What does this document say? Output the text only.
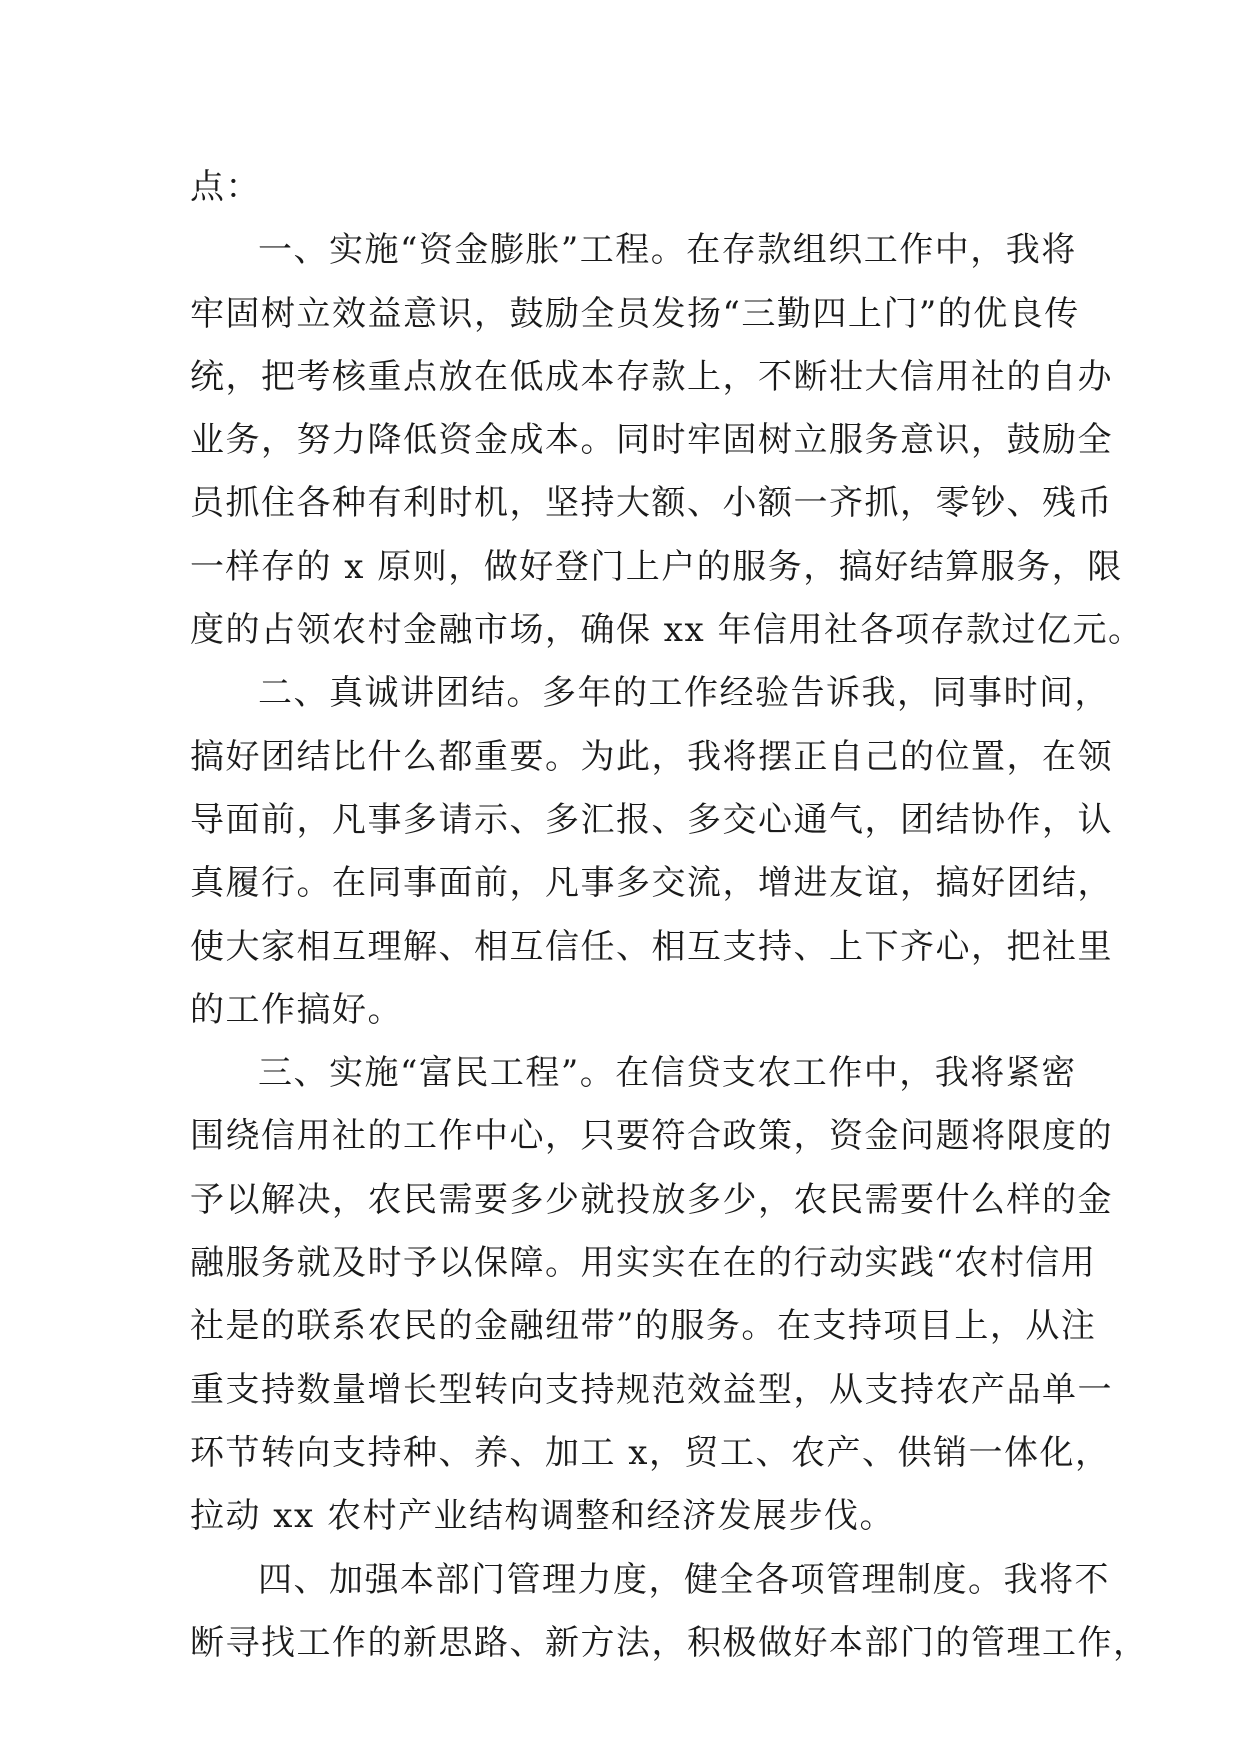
点：
一、实施“资金膨胀”工程。在存款组织工作中，我将
牢固树立效益意识，鼓励全员发扬“三勤四上门”的优良传
统，把考核重点放在低成本存款上，不断壮大信用社的自办
业务，努力降低资金成本。同时牢固树立服务意识，鼓励全
员抓住各种有利时机，坚持大额、小额一齐抓，零钞、残币
一样存的 x 原则，做好登门上户的服务，搞好结算服务，限
度的占领农村金融市场，确保 xx 年信用社各项存款过亿元。
二、真诚讲团结。多年的工作经验告诉我，同事时间，
搞好团结比什么都重要。为此，我将摆正自己的位置，在领
导面前，凡事多请示、多汇报、多交心通气，团结协作，认
真履行。在同事面前，凡事多交流，增进友谊，搞好团结，
使大家相互理解、相互信任、相互支持、上下齐心，把社里
的工作搞好。
三、实施“富民工程”。在信贷支农工作中，我将紧密
围绕信用社的工作中心，只要符合政策，资金问题将限度的
予以解决，农民需要多少就投放多少，农民需要什么样的金
融服务就及时予以保障。用实实在在的行动实践“农村信用
社是的联系农民的金融纽带”的服务。在支持项目上，从注
重支持数量增长型转向支持规范效益型，从支持农产品单一
环节转向支持种、养、加工 x，贸工、农产、供销一体化，
拉动 xx 农村产业结构调整和经济发展步伐。
四、加强本部门管理力度，健全各项管理制度。我将不
断寻找工作的新思路、新方法，积极做好本部门的管理工作，
